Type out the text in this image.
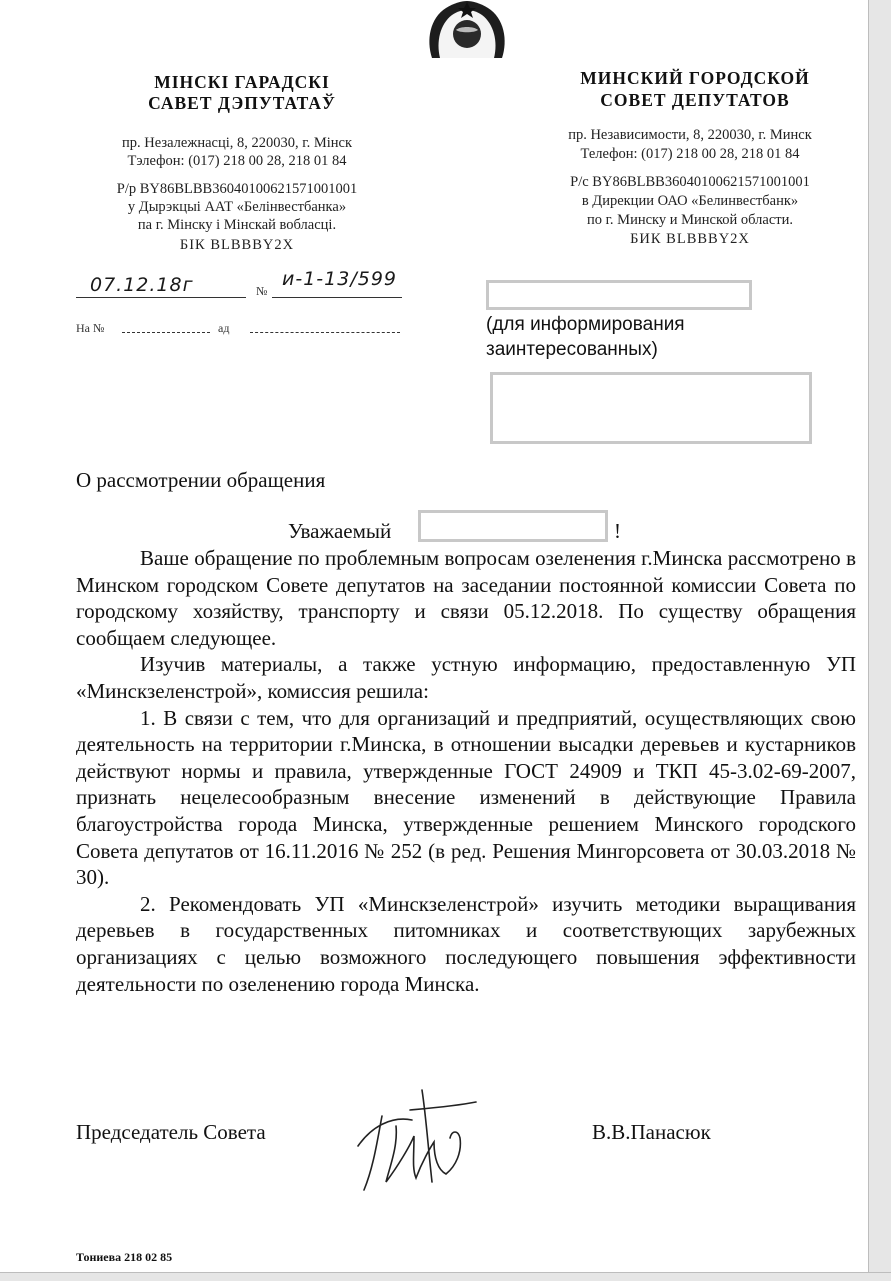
МІНСКІ ГАРАДСКІ
САВЕТ ДЭПУТАТАЎ
пр. Незалежнасці, 8, 220030, г. Мінск
Тэлефон: (017) 218 00 28, 218 01 84
Р/р BY86BLBB36040100621571001001
у Дырэкцыі ААТ «Белінвестбанка»
па г. Мінску і Мінскай вобласці.
БІК BLBBBY2X
МИНСКИЙ ГОРОДСКОЙ
СОВЕТ ДЕПУТАТОВ
пр. Независимости, 8, 220030, г. Минск
Телефон: (017) 218 00 28, 218 01 84
Р/с BY86BLBB36040100621571001001
в Дирекции ОАО «Белинвестбанк»
по г. Минску и Минской области.
БИК BLBBBY2X
07.12.18г	№
и-1-13/599
На №	ад	(для информирования
заинтересованных)
О рассмотрении обращения
Уважаемый	!

Ваше обращение по проблемным вопросам озеленения г.Минска рассмотрено в Минском городском Совете депутатов на заседании постоянной комиссии Совета по городскому хозяйству, транспорту и связи 05.12.2018. По существу обращения сообщаем следующее.

Изучив материалы, а также устную информацию, предоставленную УП «Минскзеленстрой», комиссия решила:

1. В связи с тем, что для организаций и предприятий, осуществляющих свою деятельность на территории г.Минска, в отношении высадки деревьев и кустарников действуют нормы и правила, утвержденные ГОСТ 24909 и ТКП 45-3.02-69-2007, признать нецелесообразным внесение изменений в действующие Правила благоустройства города Минска, утвержденные решением Минского городского Совета депутатов от 16.11.2016 № 252 (в ред. Решения Мингорсовета от 30.03.2018 № 30).

2. Рекомендовать УП «Минскзеленстрой» изучить методики выращивания деревьев в государственных питомниках и соответствующих зарубежных организациях с целью возможного последующего повышения эффективности деятельности по озеленению города Минска.

Председатель Совета	В.В.Панасюк
Тониева 218 02 85
